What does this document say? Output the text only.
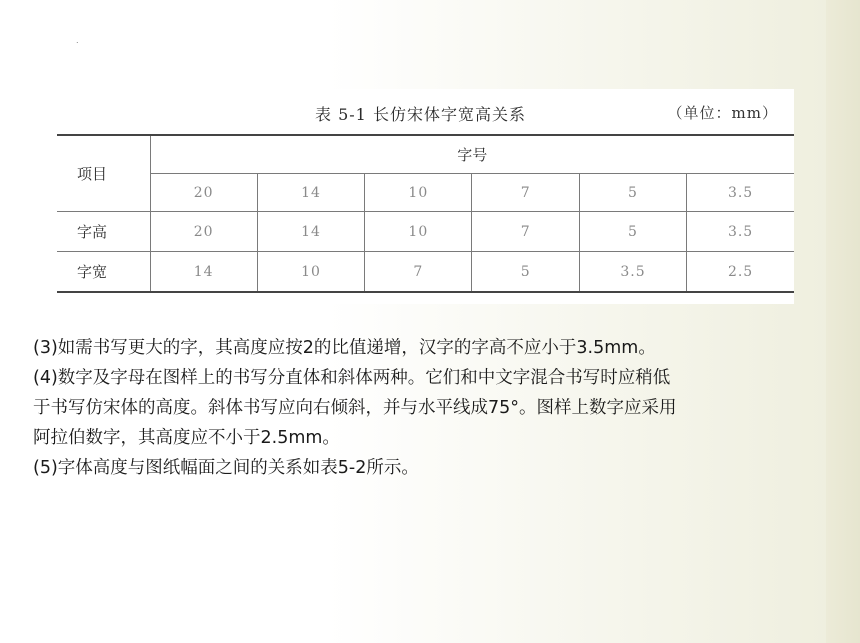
.
表 5-1 长仿宋体字宽高关系	（单位：mm）
项目	字号					
	20	14	10	7	5	3.5
字高	20	14	10	7	5	3.5
字宽	14	10	7	5	3.5	2.5

(3)如需书写更大的字，其高度应按2的比值递增，汉字的字高不应小于3.5mm。

(4)数字及字母在图样上的书写分直体和斜体两种。它们和中文字混合书写时应稍低

于书写仿宋体的高度。斜体书写应向右倾斜，并与水平线成75°。图样上数字应采用

阿拉伯数字，其高度应不小于2.5mm。

(5)字体高度与图纸幅面之间的关系如表5-2所示。
